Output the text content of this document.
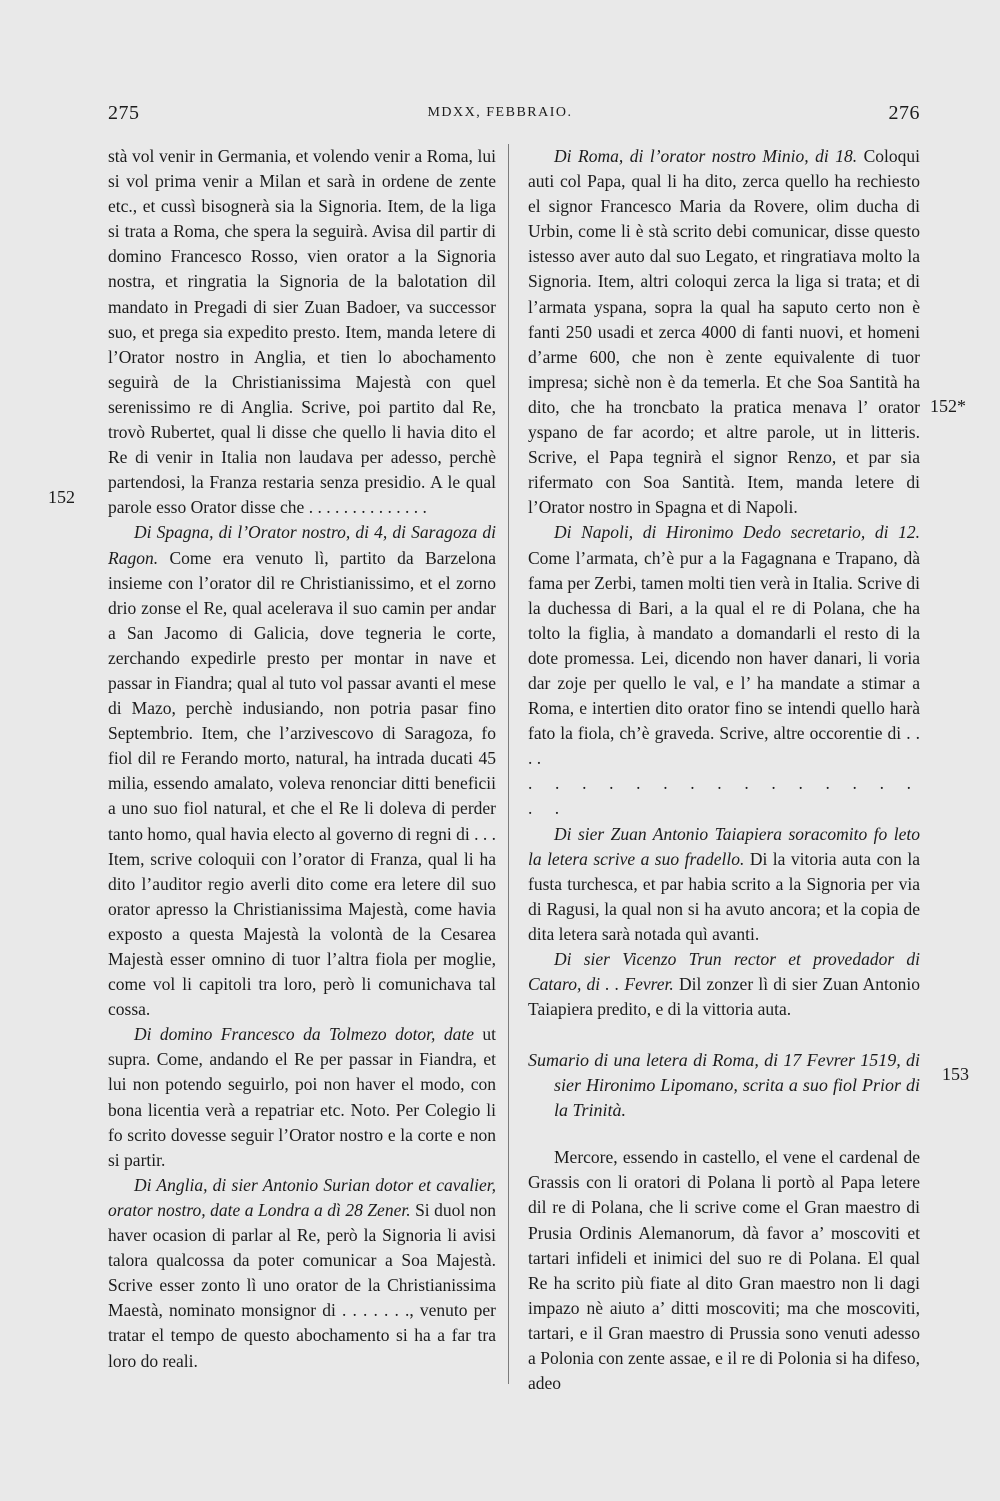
275	MDXX, FEBBRAIO.	276
152
152*
153

stà vol venir in Germania, et volendo venir a Roma, lui si vol prima venir a Milan et sarà in ordene de zente etc., et cussì bisognerà sia la Signoria. Item, de la liga si trata a Roma, che spera la seguirà. Avisa dil partir di domino Francesco Rosso, vien orator a la Signoria nostra, et ringratia la Signoria de la balotation dil mandato in Pregadi di sier Zuan Badoer, va successor suo, et prega sia expedito presto. Item, manda letere di l’Orator nostro in Anglia, et tien lo abochamento seguirà de la Christianissima Majestà con quel serenissimo re di Anglia. Scrive, poi partito dal Re, trovò Rubertet, qual li disse che quello li havia dito el Re di venir in Italia non laudava per adesso, perchè partendosi, la Franza restaria senza presidio. A le qual parole esso Orator disse che . . . . . . . . . . . . . .

Di Spagna, di l’Orator nostro, di 4, di Saragoza di Ragon. Come era venuto lì, partito da Barzelona insieme con l’orator dil re Christianissimo, et el zorno drio zonse el Re, qual acelerava il suo camin per andar a San Jacomo di Galicia, dove tegneria le corte, zerchando expedirle presto per montar in nave et passar in Fiandra; qual al tuto vol passar avanti el mese di Mazo, perchè indusiando, non potria pasar fino Septembrio. Item, che l’arzivescovo di Saragoza, fo fiol dil re Ferando morto, natural, ha intrada ducati 45 milia, essendo amalato, voleva renonciar ditti beneficii a uno suo fiol natural, et che el Re li doleva di perder tanto homo, qual havia electo al governo di regni di . . . Item, scrive coloquii con l’orator di Franza, qual li ha dito l’auditor regio averli dito come era letere dil suo orator apresso la Christianissima Majestà, come havia exposto a questa Majestà la volontà de la Cesarea Majestà esser omnino di tuor l’altra fiola per moglie, come vol li capitoli tra loro, però li comunichava tal cossa.

Di domino Francesco da Tolmezo dotor, date ut supra. Come, andando el Re per passar in Fiandra, et lui non potendo seguirlo, poi non haver el modo, con bona licentia verà a repatriar etc. Noto. Per Colegio li fo scrito dovesse seguir l’Orator nostro e la corte e non si partir.

Di Anglia, di sier Antonio Surian dotor et cavalier, orator nostro, date a Londra a dì 28 Zener. Si duol non haver ocasion di parlar al Re, però la Signoria li avisi talora qualcossa da poter comunicar a Soa Majestà. Scrive esser zonto lì uno orator de la Christianissima Maestà, nominato monsignor di . . . . . . ., venuto per tratar el tempo de questo abochamento si ha a far tra loro do reali.

Di Roma, di l’orator nostro Minio, di 18. Coloqui auti col Papa, qual li ha dito, zerca quello ha rechiesto el signor Francesco Maria da Rovere, olim ducha di Urbin, come li è stà scrito debi comunicar, disse questo istesso aver auto dal suo Legato, et ringratiava molto la Signoria. Item, altri coloqui zerca la liga si trata; et di l’armata yspana, sopra la qual ha saputo certo non è fanti 250 usadi et zerca 4000 di fanti nuovi, et homeni d’arme 600, che non è zente equivalente di tuor impresa; sichè non è da temerla. Et che Soa Santità ha dito, che ha troncbato la pratica menava l’ orator yspano de far acordo; et altre parole, ut in litteris. Scrive, el Papa tegnirà el signor Renzo, et par sia rifermato con Soa Santità. Item, manda letere di l’Orator nostro in Spagna et di Napoli.

Di Napoli, di Hironimo Dedo secretario, di 12. Come l’armata, ch’è pur a la Fagagnana e Trapano, dà fama per Zerbi, tamen molti tien verà in Italia. Scrive di la duchessa di Bari, a la qual el re di Polana, che ha tolto la figlia, à mandato a domandarli el resto di la dote promessa. Lei, dicendo non haver danari, li voria dar zoje per quello le val, e l’ ha mandate a stimar a Roma, e intertien dito orator fino se intendi quello harà fato la fiola, ch’è graveda. Scrive, altre occorentie di . . . .

. . . . . . . . . . . . . . . . .

Di sier Zuan Antonio Taiapiera soracomito fo leto la letera scrive a suo fradello. Di la vitoria auta con la fusta turchesca, et par habia scrito a la Signoria per via di Ragusi, la qual non si ha avuto ancora; et la copia de dita letera sarà notada quì avanti.

Di sier Vicenzo Trun rector et provedador di Cataro, di . . Fevrer. Dil zonzer lì di sier Zuan Antonio Taiapiera predito, e di la vittoria auta.

Sumario di una letera di Roma, di 17 Fevrer 1519, di sier Hironimo Lipomano, scrita a suo fiol Prior di la Trinità.

Mercore, essendo in castello, el vene el cardenal de Grassis con li oratori di Polana li portò al Papa letere dil re di Polana, che li scrive come el Gran maestro di Prusia Ordinis Alemanorum, dà favor a’ moscoviti et tartari infideli et inimici del suo re di Polana. El qual Re ha scrito più fiate al dito Gran maestro non li dagi impazo nè aiuto a’ ditti moscoviti; ma che moscoviti, tartari, e il Gran maestro di Prussia sono venuti adesso a Polonia con zente assae, e il re di Polonia si ha difeso, adeo
